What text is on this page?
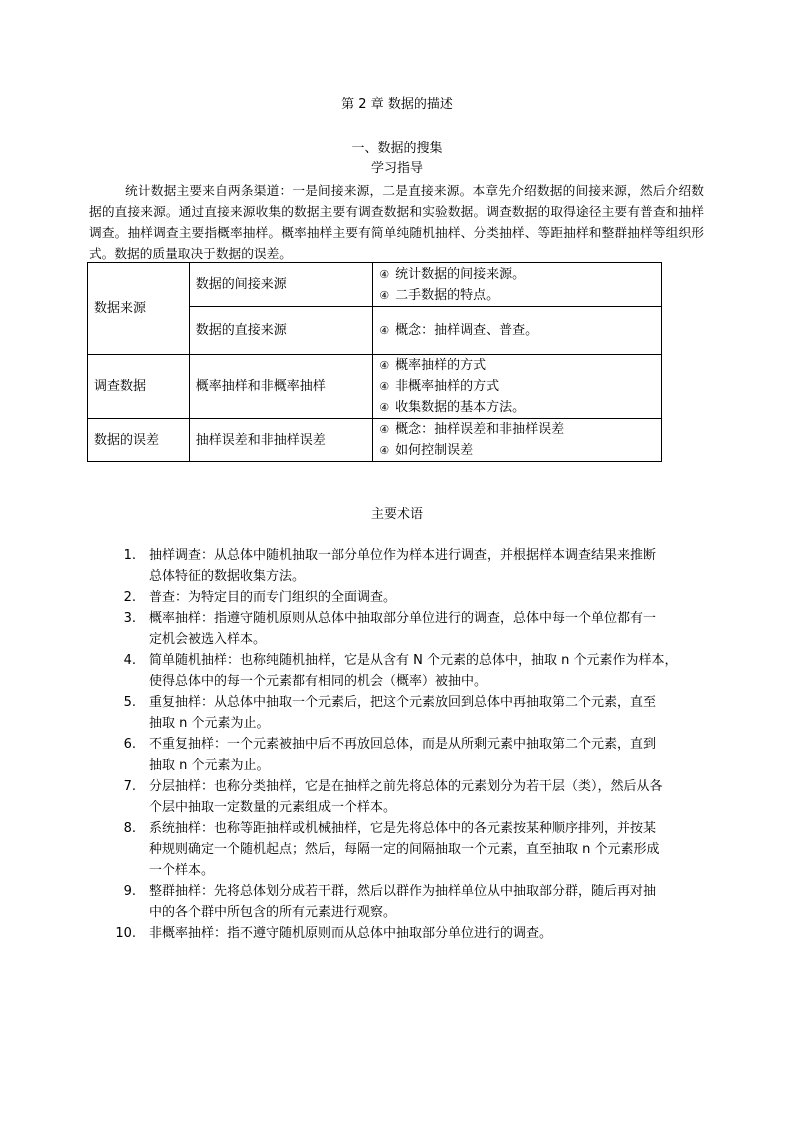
第 2 章 数据的描述
一、数据的搜集
学习指导
统计数据主要来自两条渠道：一是间接来源，二是直接来源。本章先介绍数据的间接来源，然后介绍数据的直接来源。通过直接来源收集的数据主要有调查数据和实验数据。调查数据的取得途径主要有普查和抽样调查。抽样调查主要指概率抽样。概率抽样主要有简单纯随机抽样、分类抽样、等距抽样和整群抽样等组织形式。数据的质量取决于数据的误差。
数据来源	数据的间接来源	④ 统计数据的间接来源。
④ 二手数据的特点。

	数据的直接来源	④ 概念：抽样调查、普查。

调查数据	概率抽样和非概率抽样	④ 概率抽样的方式
④ 非概率抽样的方式
④ 收集数据的基本方法。

数据的误差	抽样误差和非抽样误差	④ 概念：抽样误差和非抽样误差
④ 如何控制误差
主要术语
1. 抽样调查：从总体中随机抽取一部分单位作为样本进行调查，并根据样本调查结果来推断
总体特征的数据收集方法。
2. 普查：为特定目的而专门组织的全面调查。
3. 概率抽样：指遵守随机原则从总体中抽取部分单位进行的调查，总体中每一个单位都有一
定机会被选入样本。
4. 简单随机抽样：也称纯随机抽样，它是从含有 N 个元素的总体中，抽取 n 个元素作为样本，
使得总体中的每一个元素都有相同的机会（概率）被抽中。
5. 重复抽样：从总体中抽取一个元素后，把这个元素放回到总体中再抽取第二个元素，直至
抽取 n 个元素为止。
6. 不重复抽样：一个元素被抽中后不再放回总体，而是从所剩元素中抽取第二个元素，直到
抽取 n 个元素为止。
7. 分层抽样：也称分类抽样，它是在抽样之前先将总体的元素划分为若干层（类），然后从各
个层中抽取一定数量的元素组成一个样本。
8. 系统抽样：也称等距抽样或机械抽样，它是先将总体中的各元素按某种顺序排列，并按某
种规则确定一个随机起点；然后，每隔一定的间隔抽取一个元素，直至抽取 n 个元素形成
一个样本。
9. 整群抽样：先将总体划分成若干群，然后以群作为抽样单位从中抽取部分群，随后再对抽
中的各个群中所包含的所有元素进行观察。
10. 非概率抽样：指不遵守随机原则而从总体中抽取部分单位进行的调查。
